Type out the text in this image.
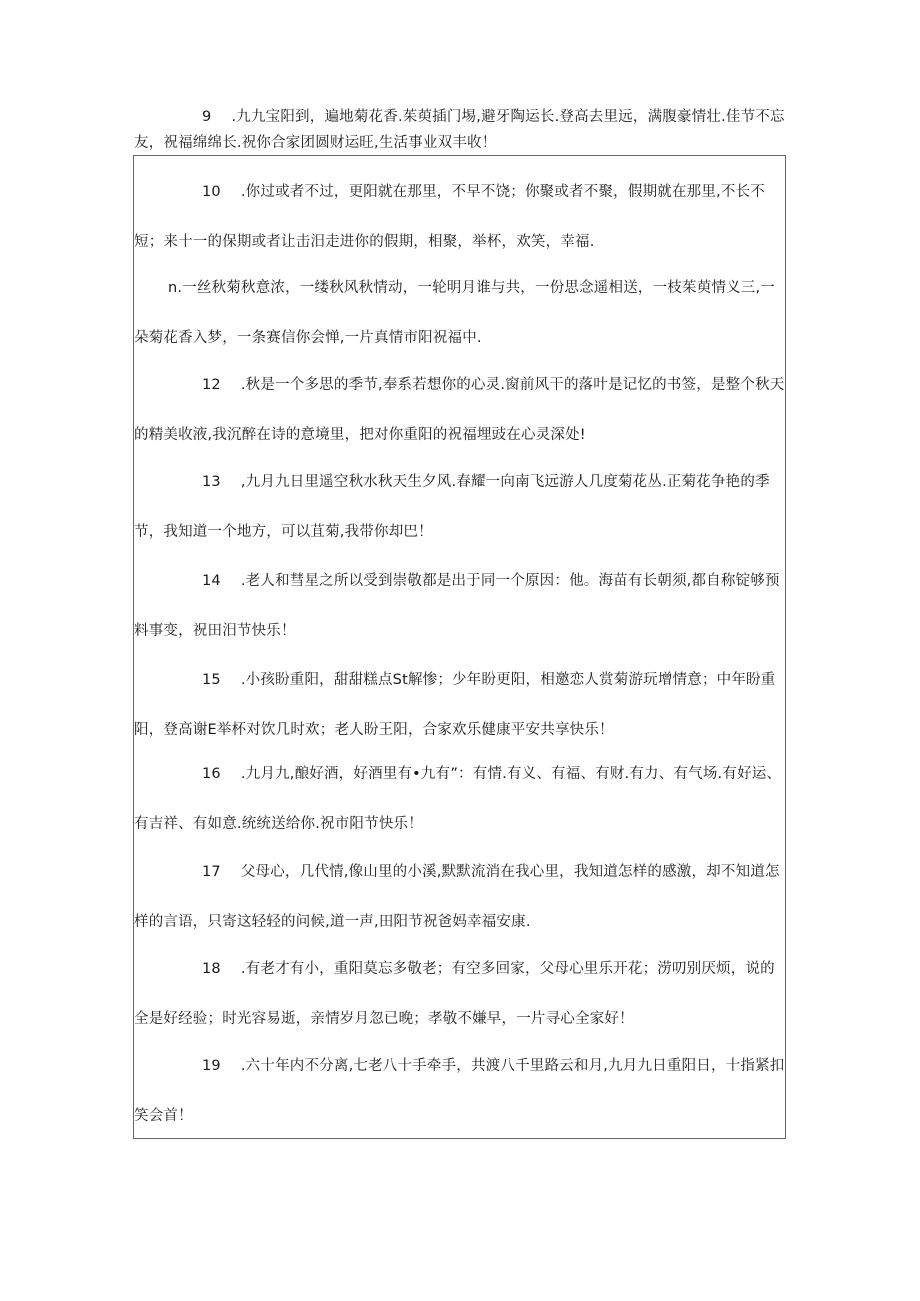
9 .九九宝阳到，遍地菊花香.茱萸插门埸,避牙陶运长.登高去里远，满腹豪情壮.佳节不忘友，祝福绵绵长.祝你合家团圆财运旺,生活事业双丰收！

10 .你过或者不过，更阳就在那里，不早不饶；你聚或者不聚，假期就在那里,不长不短；来十一的保期或者让击汨走进你的假期，相聚，举杯，欢笑，幸福.

n.一丝秋菊秋意浓，一缕秋风秋情动，一轮明月谁与共，一份思念遥相送，一枝茱萸情义三,一朵菊花香入梦，一条赛信你会惮,一片真情市阳祝福中.

12 .秋是一个多思的季节,奉系若想你的心灵.窗前风干的落叶是记忆的书签，是整个秋天的精美收液,我沉醉在诗的意境里，把对你重阳的祝福埋豉在心灵深处!

13 ,九月九日里遥空秋水秋天生夕风.春耀一向南飞远游人几度菊花丛.正菊花争艳的季节，我知道一个地方，可以苴菊,我带你却巴！

14 .老人和彗星之所以受到崇敬都是出于同一个原因：他。海苗有长朝须,都自称锭够预料事变，祝田汨节快乐！

15 .小孩盼重阳，甜甜糕点St解惨；少年盼更阳，相邀恋人赏菊游玩增情意；中年盼重阳，登高谢E举杯对饮几时欢；老人盼王阳，合家欢乐健康平安共享快乐！

16 .九月九,酿好酒，好酒里有•九有”：有情.有义、有福、有财.有力、有气场.有好运、有吉祥、有如意.统统送给你.祝市阳节快乐！

17 父母心，几代情,像山里的小溪,默默流消在我心里，我知道怎样的感激，却不知道怎样的言语，只寄这轻轻的问候,道一声,田阳节祝爸妈幸福安康.

18 .有老才有小，重阳莫忘多敬老；有空多回家，父母心里乐开花；涝叨别厌烦，说的全是好经验；时光容易逝，亲情岁月忽已晚；孝敬不嫌早，一片寻心全家好！

19 .六十年内不分离,七老八十手牵手，共渡八千里路云和月,九月九日重阳日，十指紧扣笑会首！
